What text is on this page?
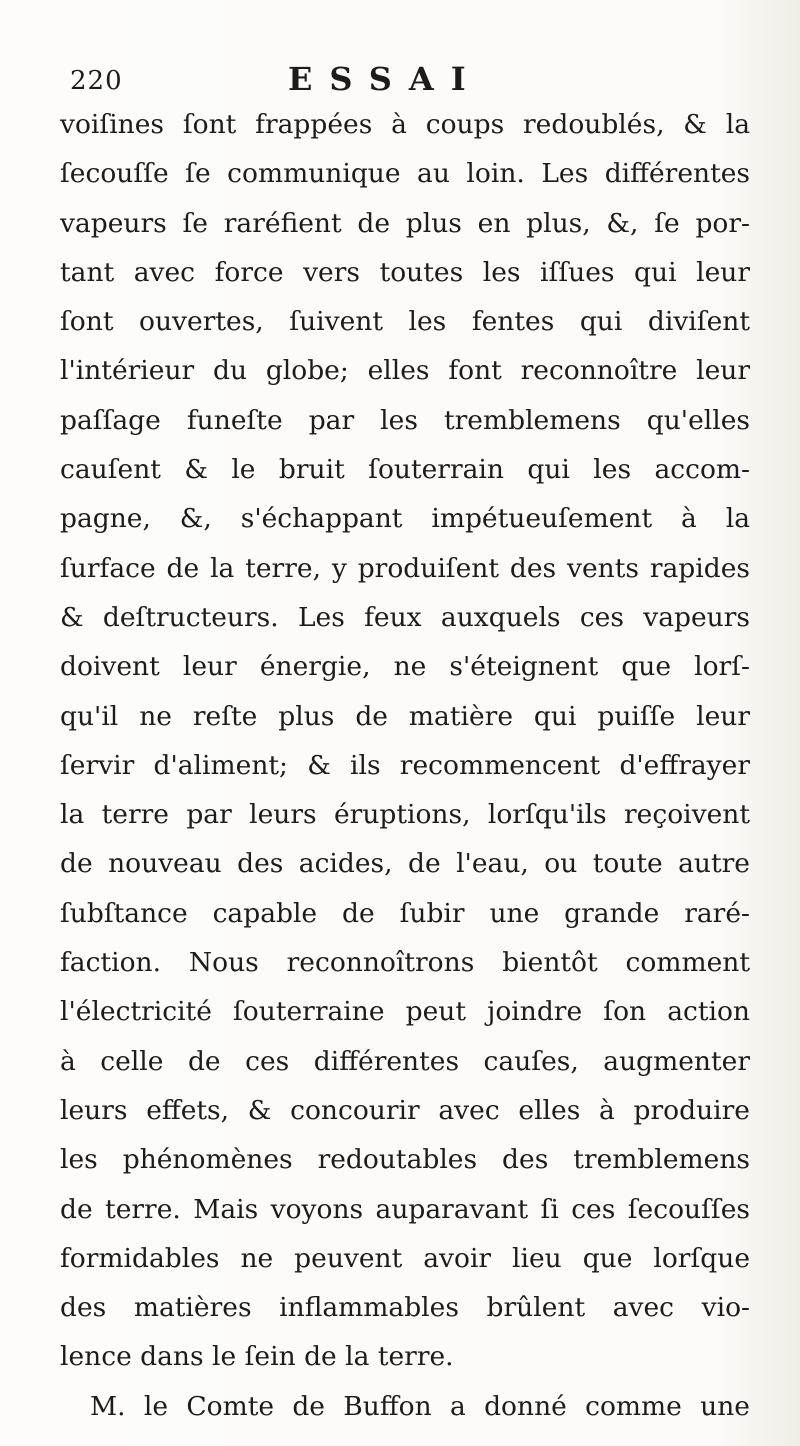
220	ESSAI
voiſines ſont frappées à coups redoublés, & la
ſecouſſe ſe communique au loin. Les différentes
vapeurs ſe raréfient de plus en plus, &, ſe por-
tant avec force vers toutes les iſſues qui leur
ſont ouvertes, ſuivent les fentes qui diviſent
l'intérieur du globe; elles font reconnoître leur
paſſage funeſte par les tremblemens qu'elles
cauſent & le bruit ſouterrain qui les accom-
pagne, &, s'échappant impétueuſement à la
ſurface de la terre, y produiſent des vents rapides
& deſtructeurs. Les feux auxquels ces vapeurs
doivent leur énergie, ne s'éteignent que lorſ-
qu'il ne reſte plus de matière qui puiſſe leur
ſervir d'aliment; & ils recommencent d'effrayer
la terre par leurs éruptions, lorſqu'ils reçoivent
de nouveau des acides, de l'eau, ou toute autre
ſubſtance capable de ſubir une grande raré-
faction. Nous reconnoîtrons bientôt comment
l'électricité ſouterraine peut joindre ſon action
à celle de ces différentes cauſes, augmenter
leurs effets, & concourir avec elles à produire
les phénomènes redoutables des tremblemens
de terre. Mais voyons auparavant ſi ces ſecouſſes
formidables ne peuvent avoir lieu que lorſque
des matières inflammables brûlent avec vio-
lence dans le ſein de la terre.
M. le Comte de Buffon a donné comme une
